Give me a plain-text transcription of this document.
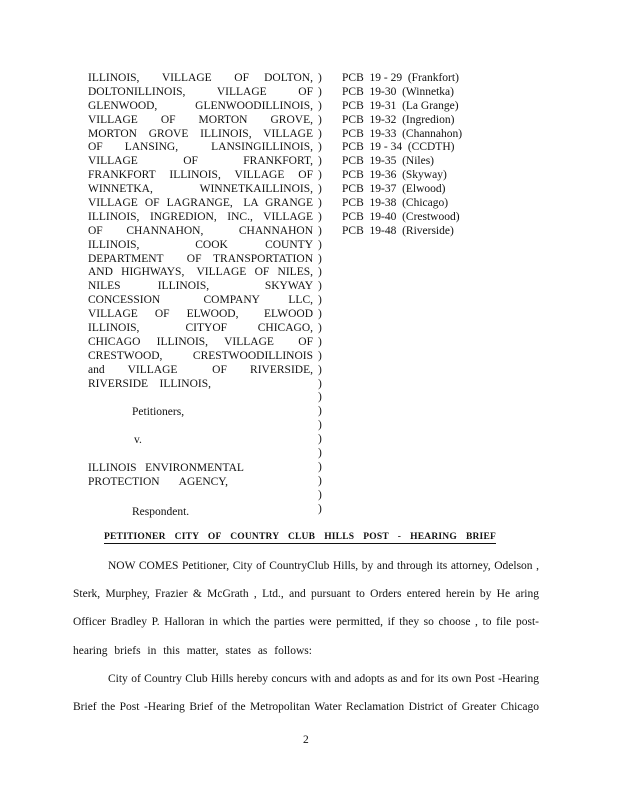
ILLINOIS,   VILLAGE   OF  DOLTON,
DOLTONILLINOIS,   VILLAGE   OF
GLENWOOD,   GLENWOODILLINOIS,
VILLAGE  OF  MORTON  GROVE,
MORTON  GROVE  ILLINOIS,  VILLAGE
OF  LANSING,   LANSINGILLINOIS,
VILLAGE   OF   FRANKFORT,
FRANKFORT   ILLINOIS,   VILLAGE   OF
WINNETKA,   WINNETKAILLINOIS,
VILLAGE  OF  LAGRANGE,   LA  GRANGE
ILLINOIS,  INGREDION,  INC.,  VILLAGE
OF  CHANNAHON,   CHANNAHON
ILLINOIS,   COOK  COUNTY
DEPARTMENT    OF  TRANSPORTATION
AND  HIGHWAYS,   VILLAGE  OF  NILES,
NILES  ILLINOIS,   SKYWAY
CONCESSION   COMPANY  LLC,
VILLAGE  OF  ELWOOD,   ELWOOD
ILLINOIS,   CITYOF  CHICAGO,
CHICAGO  ILLINOIS,  VILLAGE   OF
CRESTWOOD,    CRESTWOODILLINOIS
and  VILLAGE   OF  RIVERSIDE,
RIVERSIDE    ILLINOIS,
)
)
)
)
)
)
)
)
)
)
)
)
)
)
)
)
)
)
)
)
)
)
)
)
)
)
)
)
)
)
)
)
PCB  19 - 29  (Frankfort)
PCB  19-30  (Winnetka)
PCB  19-31  (La Grange)
PCB  19-32  (Ingredion)
PCB  19-33  (Channahon)
PCB  19 - 34  (CCDTH)
PCB  19-35  (Niles)
PCB  19-36  (Skyway)
PCB  19-37  (Elwood)
PCB  19-38  (Chicago)
PCB  19-40  (Crestwood)
PCB  19-48  (Riverside)
Petitioners,
v.
ILLINOIS   ENVIRONMENTAL
PROTECTION    AGENCY,
Respondent.
PETITIONER CITY OF COUNTRY CLUB HILLS POST - HEARING BRIEF
NOW COMES Petitioner, City of CountryClub Hills, by and through its attorney, Odelson ,
Sterk, Murphey, Frazier & McGrath , Ltd., and pursuant to Orders entered herein by He aring
Officer Bradley P. Halloran in which the parties were permitted, if they so choose , to file post-
hearing briefs in this matter, states as follows:
City of Country Club Hills hereby concurs with and adopts as and for its own Post -Hearing
Brief the Post -Hearing Brief of the Metropolitan Water Reclamation District of Greater Chicago
2
